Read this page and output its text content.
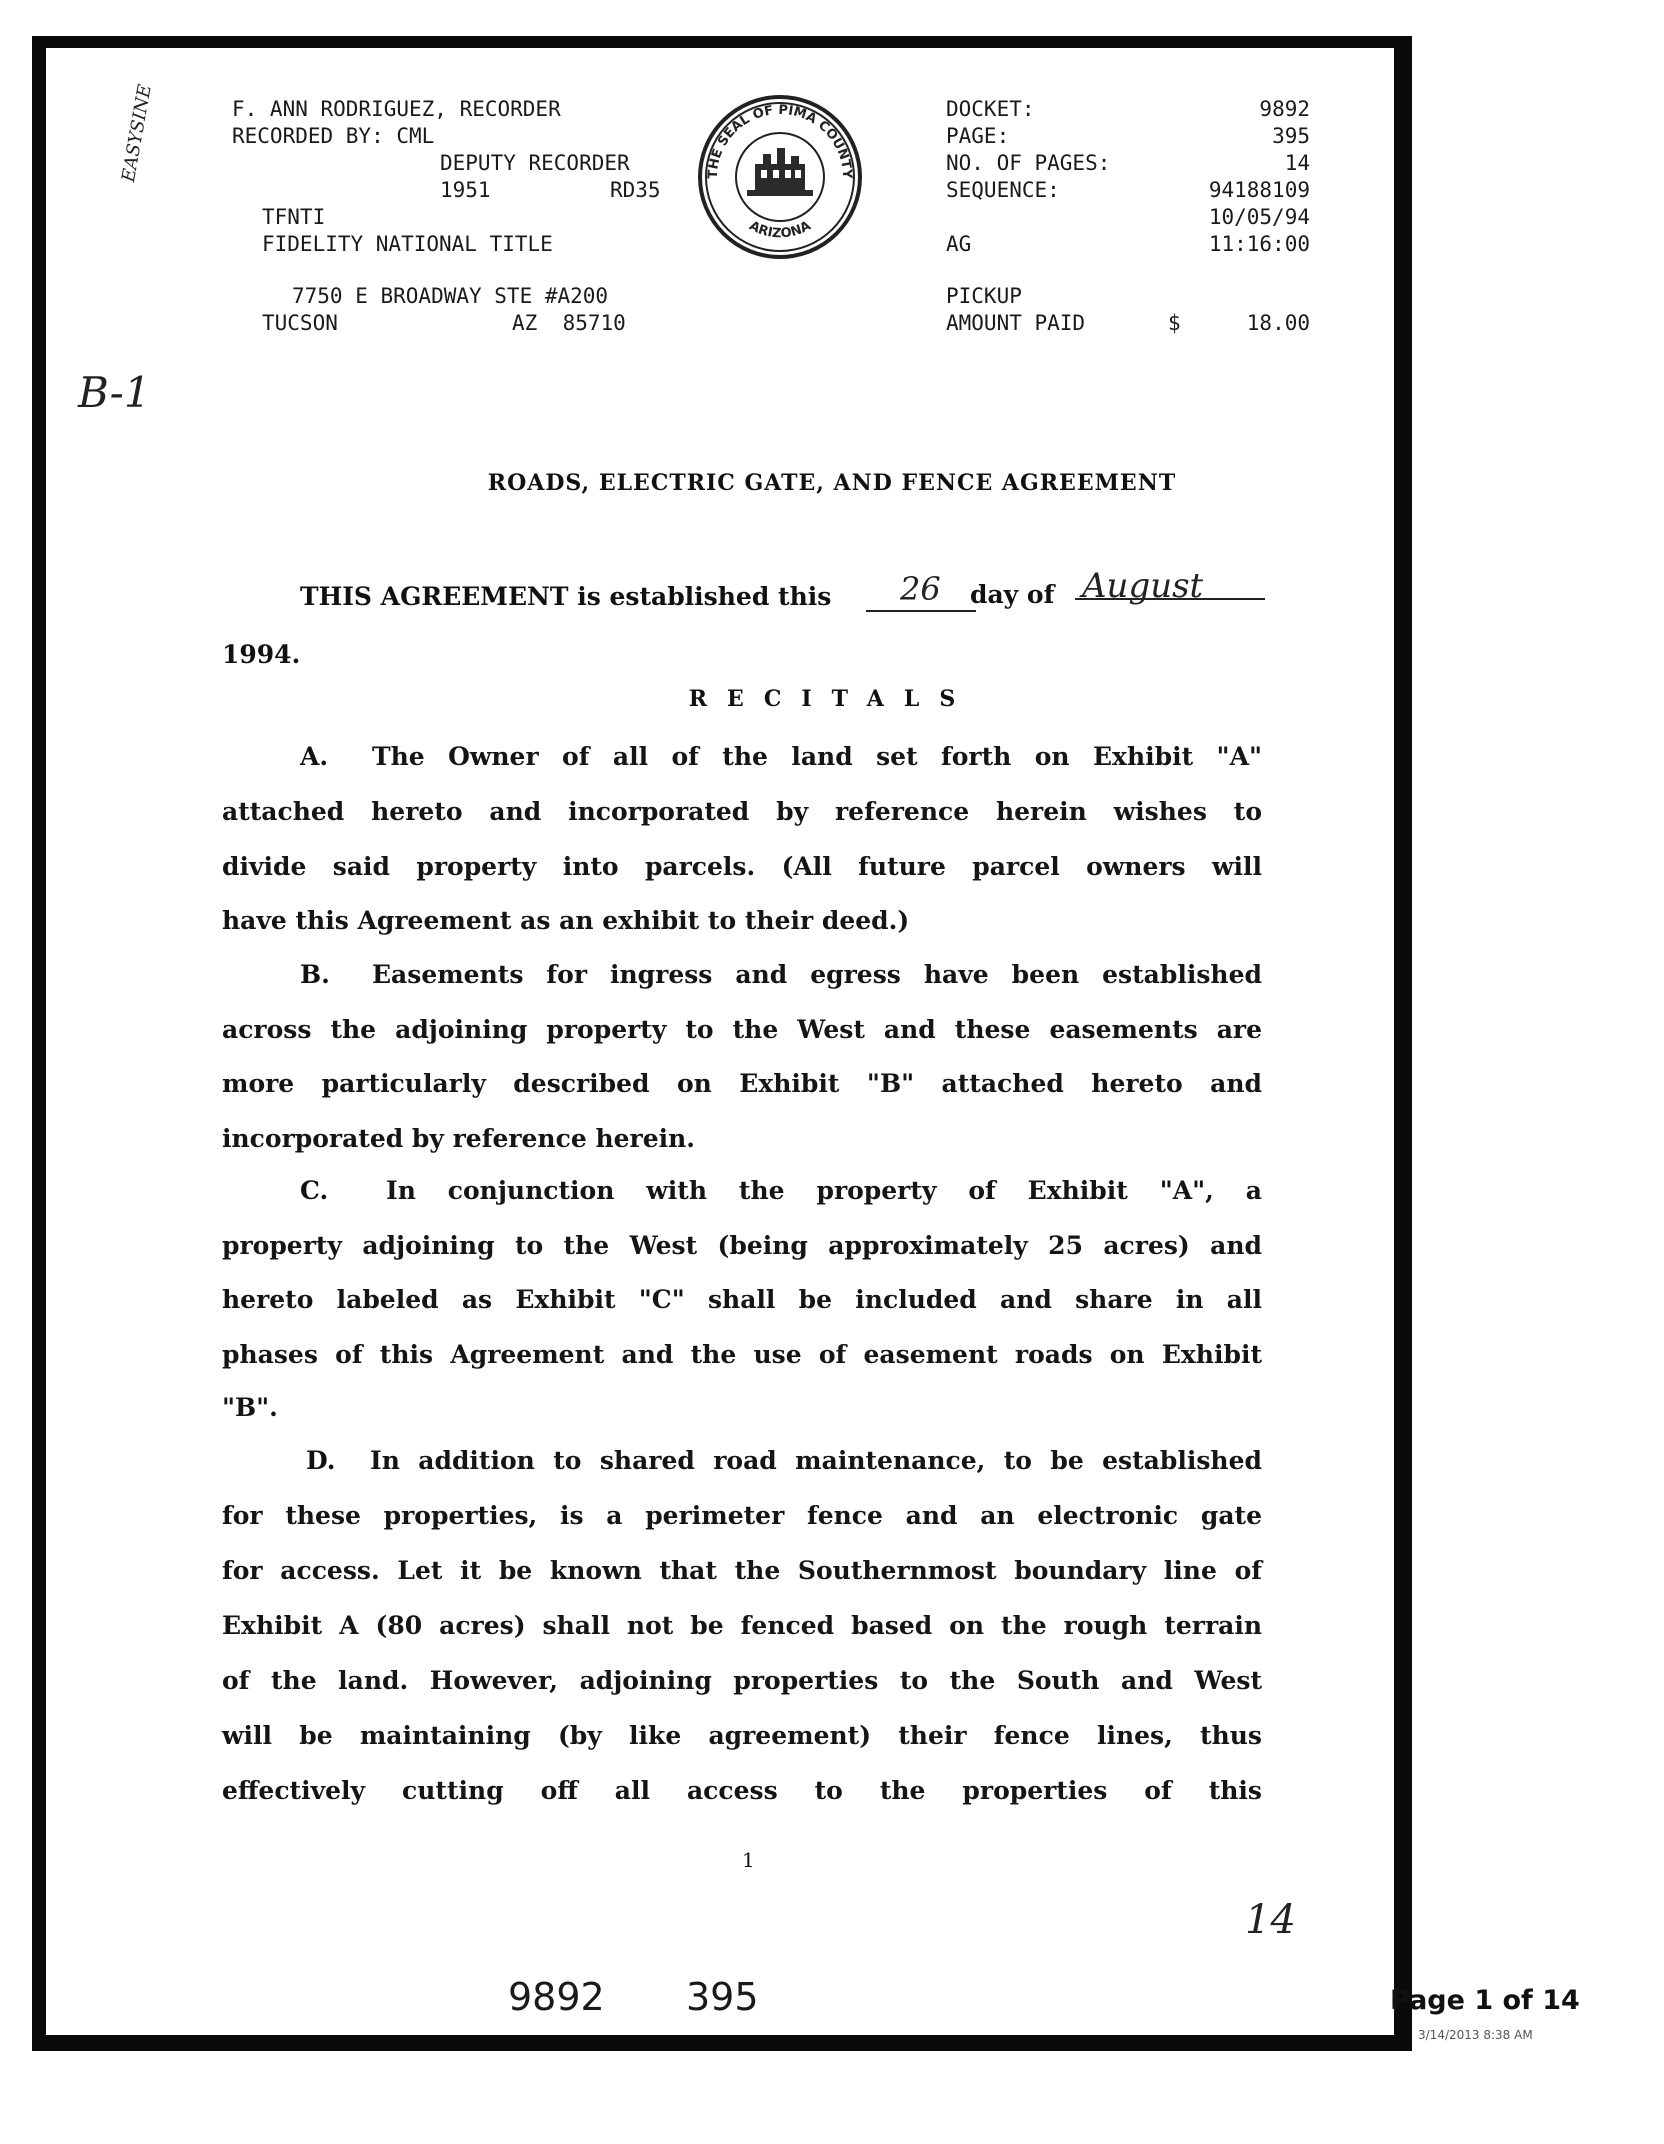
F. ANN RODRIGUEZ, RECORDER
RECORDED BY: CML
DEPUTY RECORDER
1951	RD35
TFNTI
FIDELITY NATIONAL TITLE
7750 E BROADWAY STE #A200
TUCSON	AZ  85710
THE SEAL OF PIMA COUNTY
ARIZONA
DOCKET:	9892
PAGE:	395
NO. OF PAGES:	14
SEQUENCE:	94188109
10/05/94
AG	11:16:00
PICKUP
AMOUNT PAID	$	18.00
EASYSINE
B-1
ROADS, ELECTRIC GATE, AND FENCE AGREEMENT
THIS AGREEMENT is established this 26 day of August
1994.
RECITALS
A. The Owner of all of the land set forth on Exhibit "A"
attached hereto and incorporated by reference herein wishes to
divide said property into parcels. (All future parcel owners will
have this Agreement as an exhibit to their deed.)
B. Easements for ingress and egress have been established
across the adjoining property to the West and these easements are
more particularly described on Exhibit "B" attached hereto and
incorporated by reference herein.
C. In conjunction with the property of Exhibit "A", a
property adjoining to the West (being approximately 25 acres) and
hereto labeled as Exhibit "C" shall be included and share in all
phases of this Agreement and the use of easement roads on Exhibit
"B".
D. In addition to shared road maintenance, to be established
for these properties, is a perimeter fence and an electronic gate
for access. Let it be known that the Southernmost boundary line of
Exhibit A (80 acres) shall not be fenced based on the rough terrain
of the land. However, adjoining properties to the South and West
will be maintaining (by like agreement) their fence lines, thus
effectively cutting off all access to the properties of this
1
14
9892 395	Page 1 of 14
3/14/2013 8:38 AM
